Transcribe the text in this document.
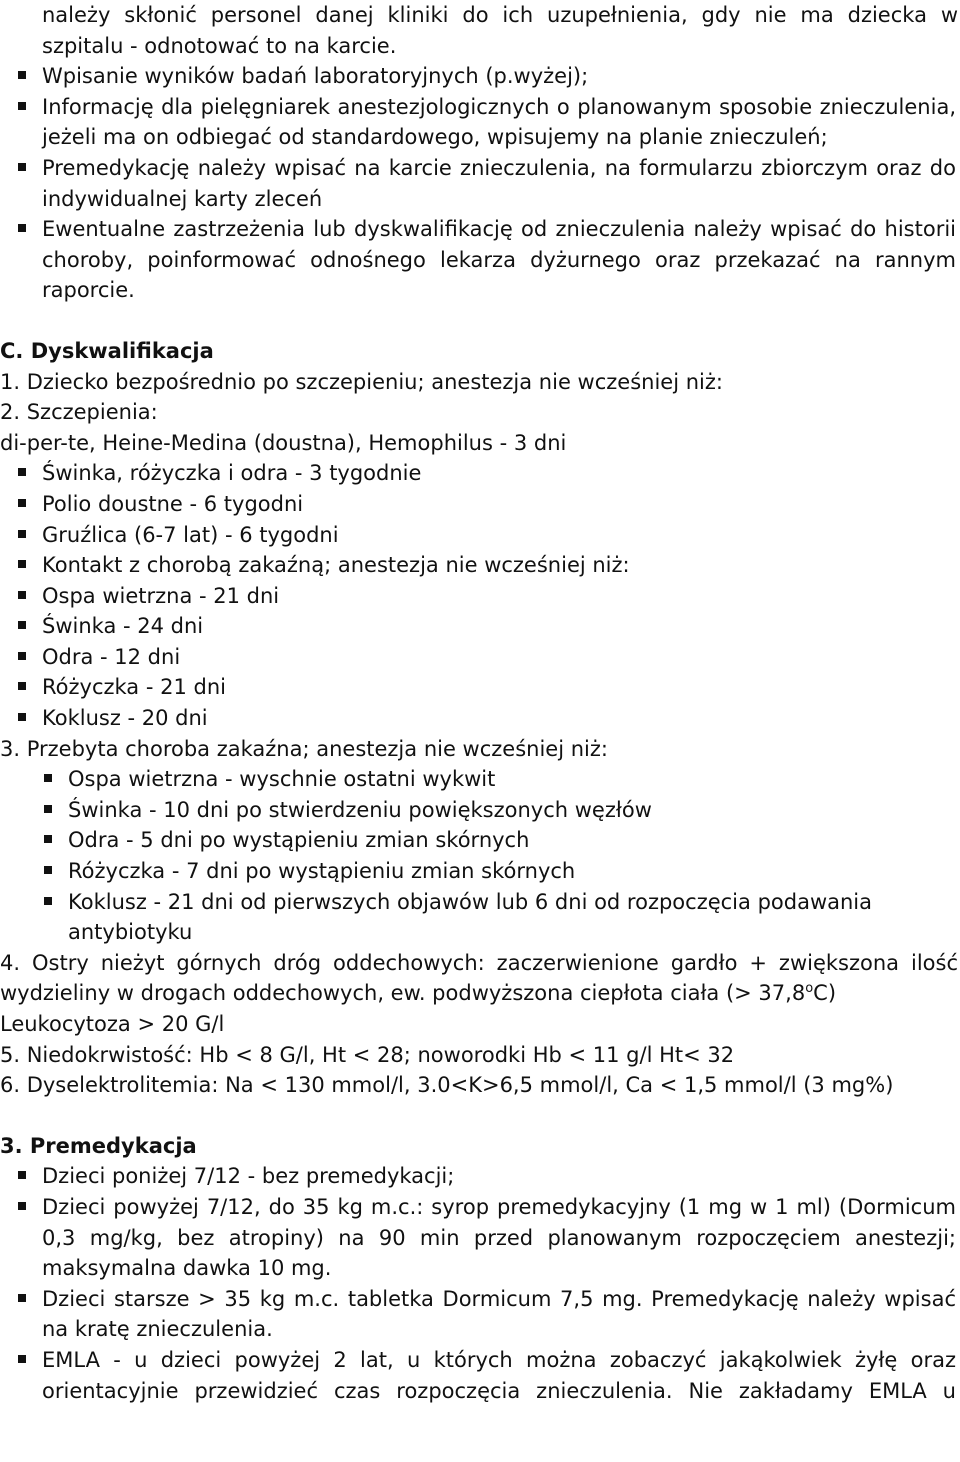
należy skłonić personel danej kliniki do ich uzupełnienia, gdy nie ma dziecka w szpitalu - odnotować to na karcie.

Wpisanie wyników badań laboratoryjnych (p.wyżej);
Informację dla pielęgniarek anestezjologicznych o planowanym sposobie znieczulenia, jeżeli ma on odbiegać od standardowego, wpisujemy na planie znieczuleń;
Premedykację należy wpisać na karcie znieczulenia, na formularzu zbiorczym oraz do indywidualnej karty zleceń
Ewentualne zastrzeżenia lub dyskwalifikację od znieczulenia należy wpisać do historii choroby, poinformować odnośnego lekarza dyżurnego oraz przekazać na rannym raporcie.

C. Dyskwalifikacja

1. Dziecko bezpośrednio po szczepieniu; anestezja nie wcześniej niż:

2. Szczepienia:

di-per-te, Heine-Medina (doustna), Hemophilus - 3 dni

Świnka, różyczka i odra - 3 tygodnie
Polio doustne - 6 tygodni
Gruźlica (6-7 lat) - 6 tygodni
Kontakt z chorobą zakaźną; anestezja nie wcześniej niż:
Ospa wietrzna - 21 dni
Świnka - 24 dni
Odra - 12 dni
Różyczka - 21 dni
Koklusz - 20 dni

3. Przebyta choroba zakaźna; anestezja nie wcześniej niż:

Ospa wietrzna - wyschnie ostatni wykwit
Świnka - 10 dni po stwierdzeniu powiększonych węzłów
Odra - 5 dni po wystąpieniu zmian skórnych
Różyczka - 7 dni po wystąpieniu zmian skórnych
Koklusz - 21 dni od pierwszych objawów lub 6 dni od rozpoczęcia podawania antybiotyku

4. Ostry nieżyt górnych dróg oddechowych: zaczerwienione gardło + zwiększona ilość wydzieliny w drogach oddechowych, ew. podwyższona ciepłota ciała (> $37,8^oC$)

Leukocytoza > 20 G/l

5. Niedokrwistość: Hb < 8 G/l, Ht < 28; noworodki Hb < 11 g/l Ht< 32

6. Dyselektrolitemia: Na < 130 mmol/l, 3.0<K>6,5 mmol/l, Ca < 1,5 mmol/l (3 mg%)

3. Premedykacja

Dzieci poniżej 7/12 - bez premedykacji;
Dzieci powyżej 7/12, do 35 kg m.c.: syrop premedykacyjny (1 mg w 1 ml) (Dormicum 0,3 mg/kg, bez atropiny) na 90 min przed planowanym rozpoczęciem anestezji; maksymalna dawka 10 mg.
Dzieci starsze > 35 kg m.c. tabletka Dormicum 7,5 mg. Premedykację należy wpisać na kratę znieczulenia.
EMLA - u dzieci powyżej 2 lat, u których można zobaczyć jakąkolwiek żyłę oraz orientacyjnie przewidzieć czas rozpoczęcia znieczulenia. Nie zakładamy EMLA u
